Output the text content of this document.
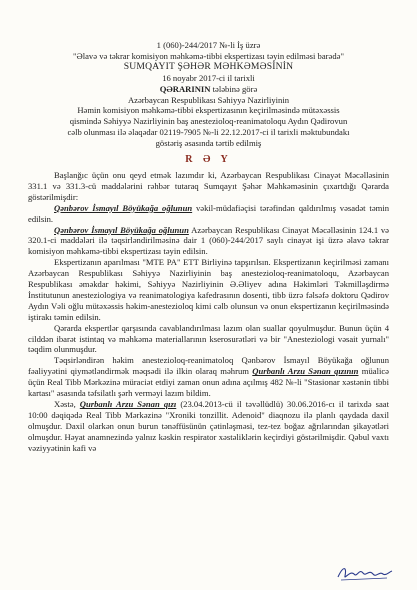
1 (060)-244/2017 №-li İş üzrə
"Əlavə və təkrar komisiyon məhkəmə-tibbi ekspertizası təyin edilməsi barədə"
SUMQAYIT ŞƏHƏR MƏHKƏMƏSİNİN
16 noyabr 2017-ci il tarixli
QƏRARININ tələbinə görə
Azərbaycan Respublikası Səhiyyə Nazirliyinin
Həmin komisiyon məhkəmə-tibbi ekspertizasının keçirilməsində mütəxəssis
qismində Səhiyyə Nazirliyinin baş anesteziolоq-reanimatoloqu Aydın Qədirovun
cəlb olunması ilə əlaqədar 02119-7905 №-li 22.12.2017-ci il tarixli məktubundakı
göstəriş əsasında tərtib edilmiş
R Ə Y

Başlanğıc üçün onu qeyd etmək lazımdır ki, Azərbaycan Respublikası Cinayət Məcəlləsinin 331.1 və 331.3-cü maddələrini rəhbər tutaraq Sumqayıt Şəhər Məhkəməsinin çıxartdığı Qərarda göstərilmişdir:

Qənbərov İsmayıl Böyükağa oğlunun vəkil-müdafiəçisi tərəfindən qaldırılmış vəsadət təmin edilsin.

Qənbərov İsmayıl Böyükağa oğlunun Azərbaycan Respublikası Cinayət Məcəlləsinin 124.1 və 320.1-ci maddələri ilə təqsirləndirilməsinə dair 1 (060)-244/2017 saylı cinayət işi üzrə əlavə təkrar komisiyon məhkəmə-tibbi ekspertizası təyin edilsin.

Ekspertizanın aparılması "MTE PA" ETT Birliyinə tapşırılsın. Ekspertizanın keçirilməsi zamanı Azərbaycan Respublikası Səhiyyə Nazirliyinin baş anesteziolоq-reanimatoloqu, Azərbaycan Respublikası əməkdar həkimi, Səhiyyə Nazirliyinin Ə.Əliyev adına Həkimləri Təkmilləşdirmə İnstitutunun anesteziologiya və reanimatologiya kafedrasının dosenti, tibb üzrə fəlsəfə doktoru Qədirov Aydın Vəli oğlu mütəxəssis həkim-anesteziolоq kimi cəlb olunsun və onun ekspertizanın keçirilməsində iştirakı təmin edilsin.

Qərarda ekspertlər qarşısında cavablandırılması lazım olan suallar qoyulmuşdur. Bunun üçün 4 cilddən ibarət istintaq və məhkəmə materiallarının kserosurətləri və bir "Anesteziologi vəsait yurnalı" təqdim olunmuşdur.

Təqsirləndirən həkim anesteziolоq-reanimatoloq Qənbərov İsmayıl Böyükağa oğlunun fəaliyyətini qiymətləndirmək məqsədi ilə ilkin olaraq məhrum Qurbanlı Arzu Sənan qızının müalicə üçün Real Tibb Mərkəzinə müraciət etdiyi zaman onun adına açılmış 482 №-li "Stasionar xəstənin tibbi kartası" əsasında təfsilatlı şərh verməyi lazım bildim.

Xəstə, Qurbanlı Arzu Sənan qızı (23.04.2013-cü il təvəllüdlü) 30.06.2016-cı il tarixdə saat 10:00 dəqiqədə Real Tibb Mərkəzinə "Xroniki tonzillit. Adenoid" diaqnozu ilə planlı qaydada daxil olmuşdur. Daxil olarkən onun burun tənəffüsünün çətinləşməsi, tez-tez boğaz ağrılarından şikayətləri olmuşdur. Həyat anamnezində yalnız kəskin respirator xəstəliklərin keçirdiyi göstərilmişdir. Qəbul vaxtı vəziyyətinin kafi və
